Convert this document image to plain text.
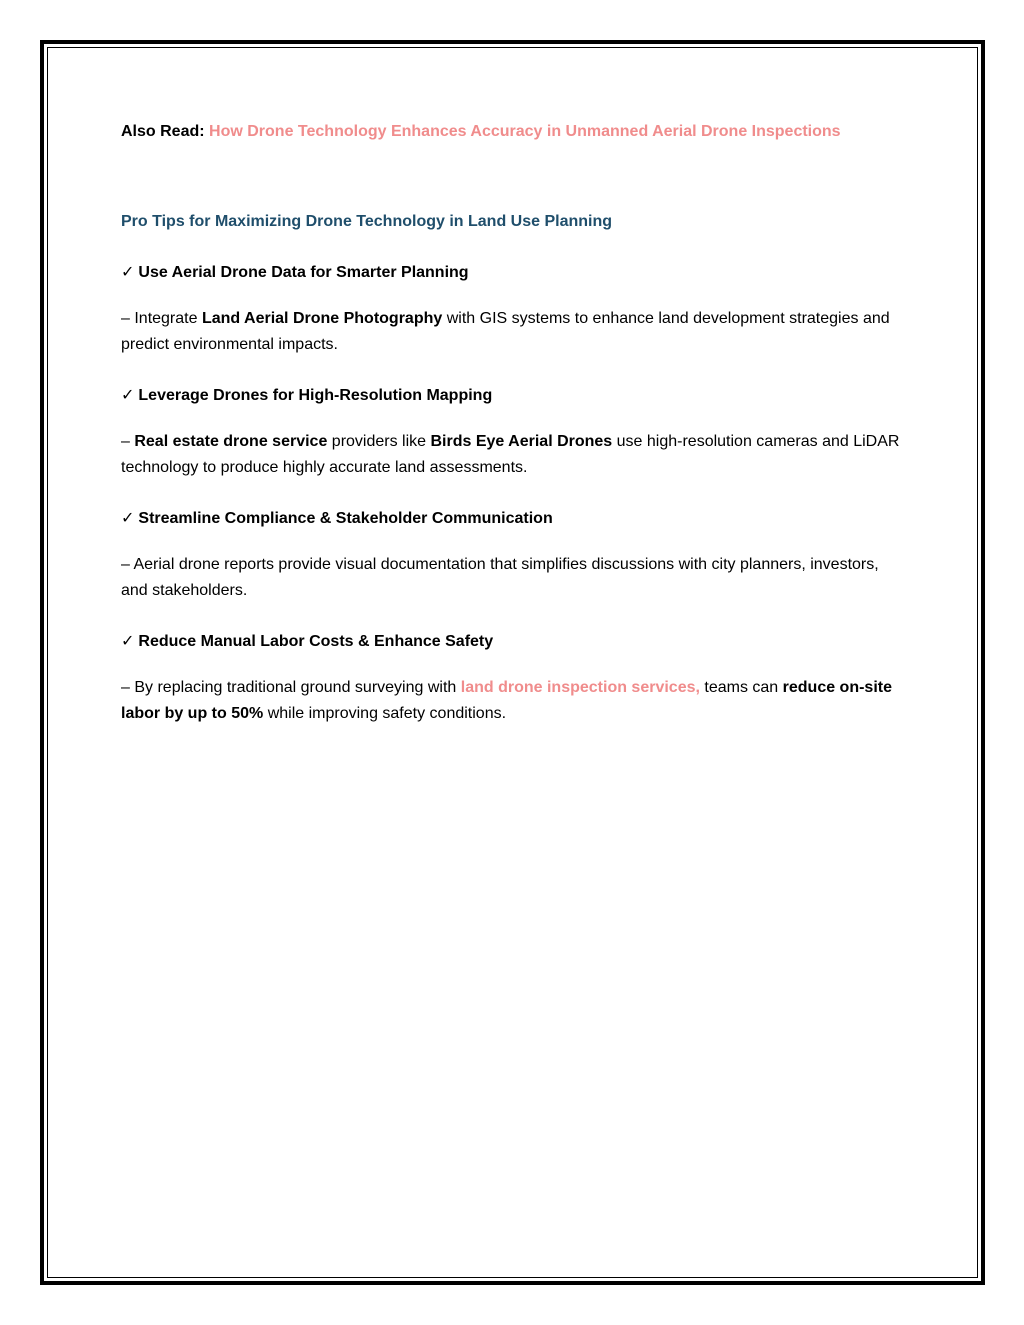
Also Read: How Drone Technology Enhances Accuracy in Unmanned Aerial Drone Inspections

Pro Tips for Maximizing Drone Technology in Land Use Planning

✓ Use Aerial Drone Data for Smarter Planning

– Integrate Land Aerial Drone Photography with GIS systems to enhance land development strategies and predict environmental impacts.

✓ Leverage Drones for High-Resolution Mapping

– Real estate drone service providers like Birds Eye Aerial Drones use high-resolution cameras and LiDAR technology to produce highly accurate land assessments.

✓ Streamline Compliance & Stakeholder Communication

– Aerial drone reports provide visual documentation that simplifies discussions with city planners, investors, and stakeholders.

✓ Reduce Manual Labor Costs & Enhance Safety

– By replacing traditional ground surveying with land drone inspection services, teams can reduce on-site labor by up to 50% while improving safety conditions.
